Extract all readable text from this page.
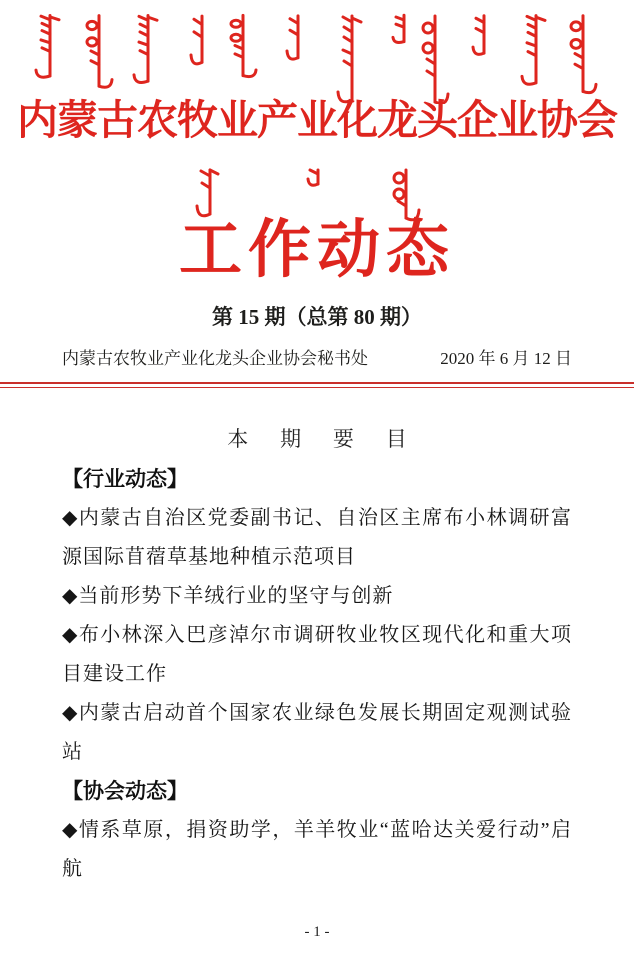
内蒙古农牧业产业化龙头企业协会
工作动态
第 15 期（总第 80 期）
内蒙古农牧业产业化龙头企业协会秘书处	2020 年 6 月 12 日
本 期 要 目

【行业动态】

◆内蒙古自治区党委副书记、自治区主席布小林调研富源国际苜蓿草基地种植示范项目

◆当前形势下羊绒行业的坚守与创新

◆布小林深入巴彦淖尔市调研牧业牧区现代化和重大项目建设工作

◆内蒙古启动首个国家农业绿色发展长期固定观测试验站

【协会动态】

◆情系草原，捐资助学，羊羊牧业“蓝哈达关爱行动”启航

- 1 -
